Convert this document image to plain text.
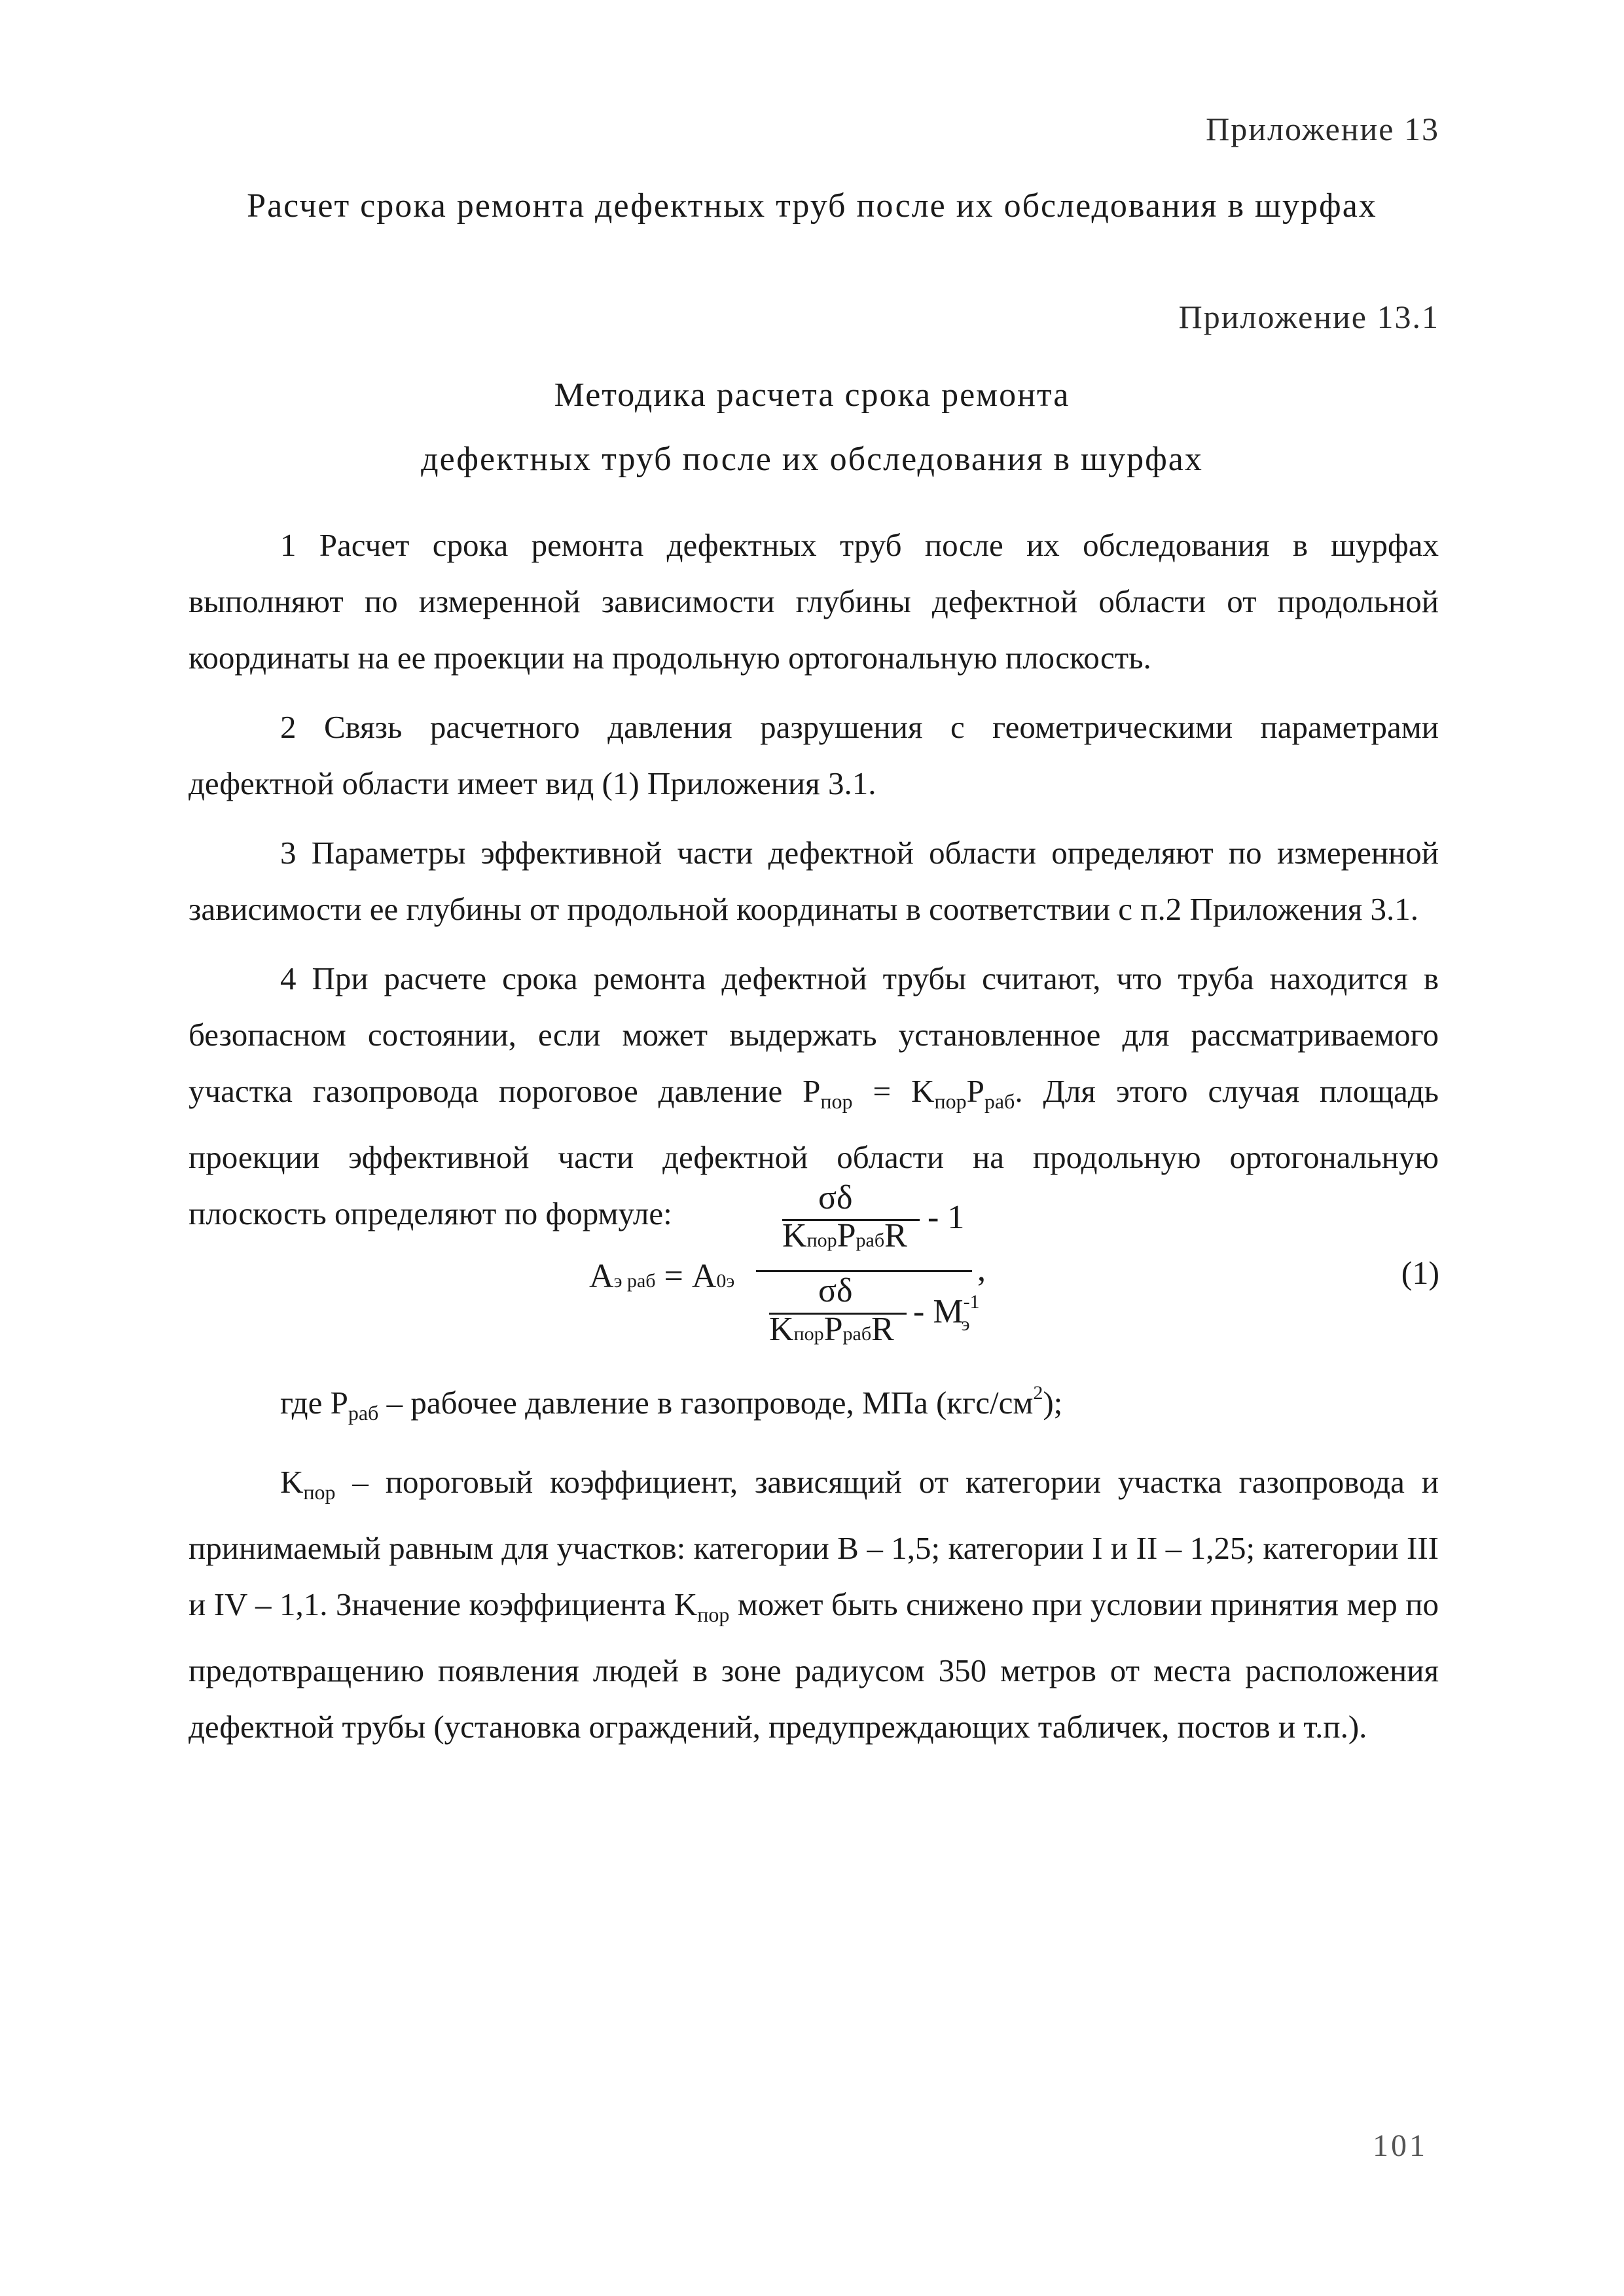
Приложение 13
Расчет срока ремонта дефектных труб после их обследования в шурфах
Приложение 13.1
Методика расчета срока ремонта
дефектных труб после их обследования в шурфах

1 Расчет срока ремонта дефектных труб после их обследования в шурфах выполняют по измеренной зависимости глубины дефектной области от продольной координаты на ее проекции на продольную ортогональную плоскость.

2 Связь расчетного давления разрушения с геометрическими параметрами дефектной области имеет вид (1) Приложения 3.1.

3 Параметры эффективной части дефектной области определяют по измеренной зависимости ее глубины от продольной координаты в соответствии с п.2 Приложения 3.1.

4 При расчете срока ремонта дефектной трубы считают, что труба находится в безопасном состоянии, если может выдержать установленное для рассматриваемого участка газопровода пороговое давление $P_{пор} = K_{пор}P_{раб}$. Для этого случая площадь проекции эффективной части дефектной области на продольную ортогональную плоскость определяют по формуле:

Aэ раб = A0э
σδ
KпорPрабR - 1
,
σδ
KпорPрабR - $M^{-1}_э$
(1)

где $P_{раб}$ – рабочее давление в газопроводе, МПа $(кгс/см^2)$;

$K_{пор}$ – пороговый коэффициент, зависящий от категории участка газопровода и принимаемый равным для участков: категории В – 1,5; категории I и II – 1,25; категории III и IV – 1,1. Значение коэффициента $K_{пор}$ может быть снижено при условии принятия мер по предотвращению появления людей в зоне радиусом 350 метров от места расположения дефектной трубы (установка ограждений, предупреждающих табличек, постов и т.п.).

101
